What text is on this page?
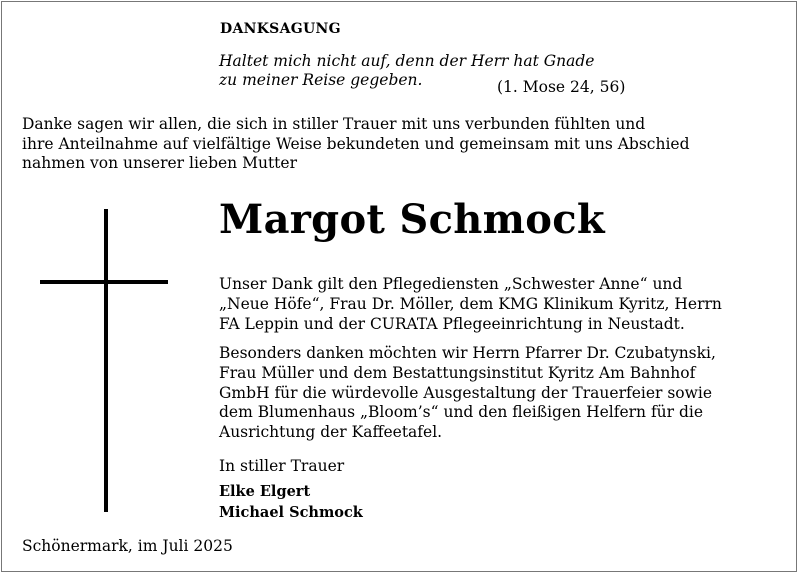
DANKSAGUNG
Haltet mich nicht auf, denn der Herr hat Gnade
zu meiner Reise gegeben.	(1. Mose 24, 56)
Danke sagen wir allen, die sich in stiller Trauer mit uns verbunden fühlten und
ihre Anteilnahme auf vielfältige Weise bekundeten und gemeinsam mit uns Abschied
nahmen von unserer lieben Mutter
Margot Schmock
Unser Dank gilt den Pflegediensten „Schwester Anne“ und
„Neue Höfe“, Frau Dr. Möller, dem KMG Klinikum Kyritz, Herrn
FA Leppin und der CURATA Pflegeeinrichtung in Neustadt.
Besonders danken möchten wir Herrn Pfarrer Dr. Czubatynski,
Frau Müller und dem Bestattungsinstitut Kyritz Am Bahnhof
GmbH für die würdevolle Ausgestaltung der Trauerfeier sowie
dem Blumenhaus „Bloom’s“ und den fleißigen Helfern für die
Ausrichtung der Kaffeetafel.
In stiller Trauer
Elke Elgert
Michael Schmock
Schönermark, im Juli 2025
